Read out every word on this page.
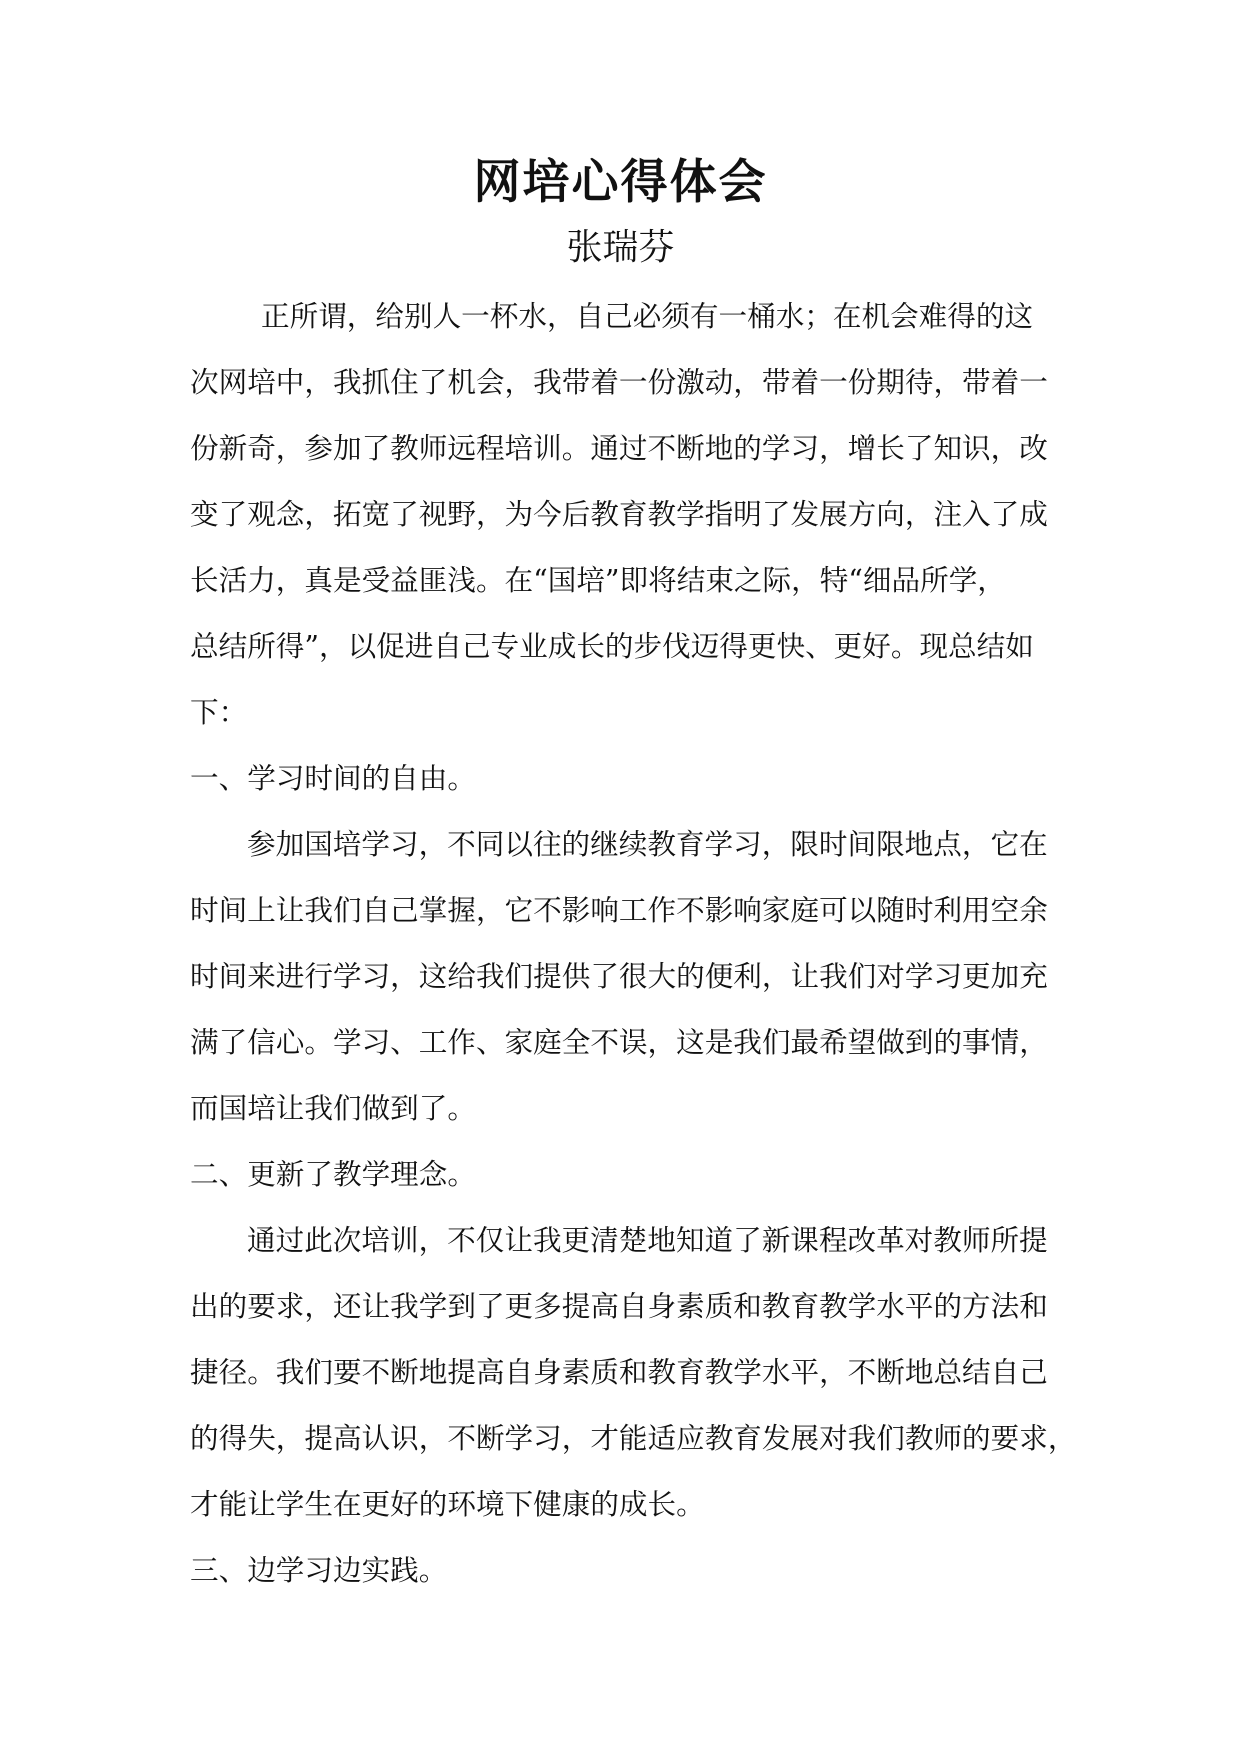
网培心得体会
张瑞芬

正所谓，给别人一杯水，自己必须有一桶水；在机会难得的这
次网培中，我抓住了机会，我带着一份激动，带着一份期待，带着一
份新奇，参加了教师远程培训。通过不断地的学习，增长了知识，改
变了观念，拓宽了视野，为今后教育教学指明了发展方向，注入了成
长活力，真是受益匪浅。在“国培”即将结束之际，特“细品所学，
总结所得”，以促进自己专业成长的步伐迈得更快、更好。现总结如
下：

一、学习时间的自由。

参加国培学习，不同以往的继续教育学习，限时间限地点，它在
时间上让我们自己掌握，它不影响工作不影响家庭可以随时利用空余
时间来进行学习，这给我们提供了很大的便利，让我们对学习更加充
满了信心。学习、工作、家庭全不误，这是我们最希望做到的事情，
而国培让我们做到了。

二、更新了教学理念。

通过此次培训，不仅让我更清楚地知道了新课程改革对教师所提
出的要求，还让我学到了更多提高自身素质和教育教学水平的方法和
捷径。我们要不断地提高自身素质和教育教学水平，不断地总结自己
的得失，提高认识，不断学习，才能适应教育发展对我们教师的要求，
才能让学生在更好的环境下健康的成长。

三、边学习边实践。
